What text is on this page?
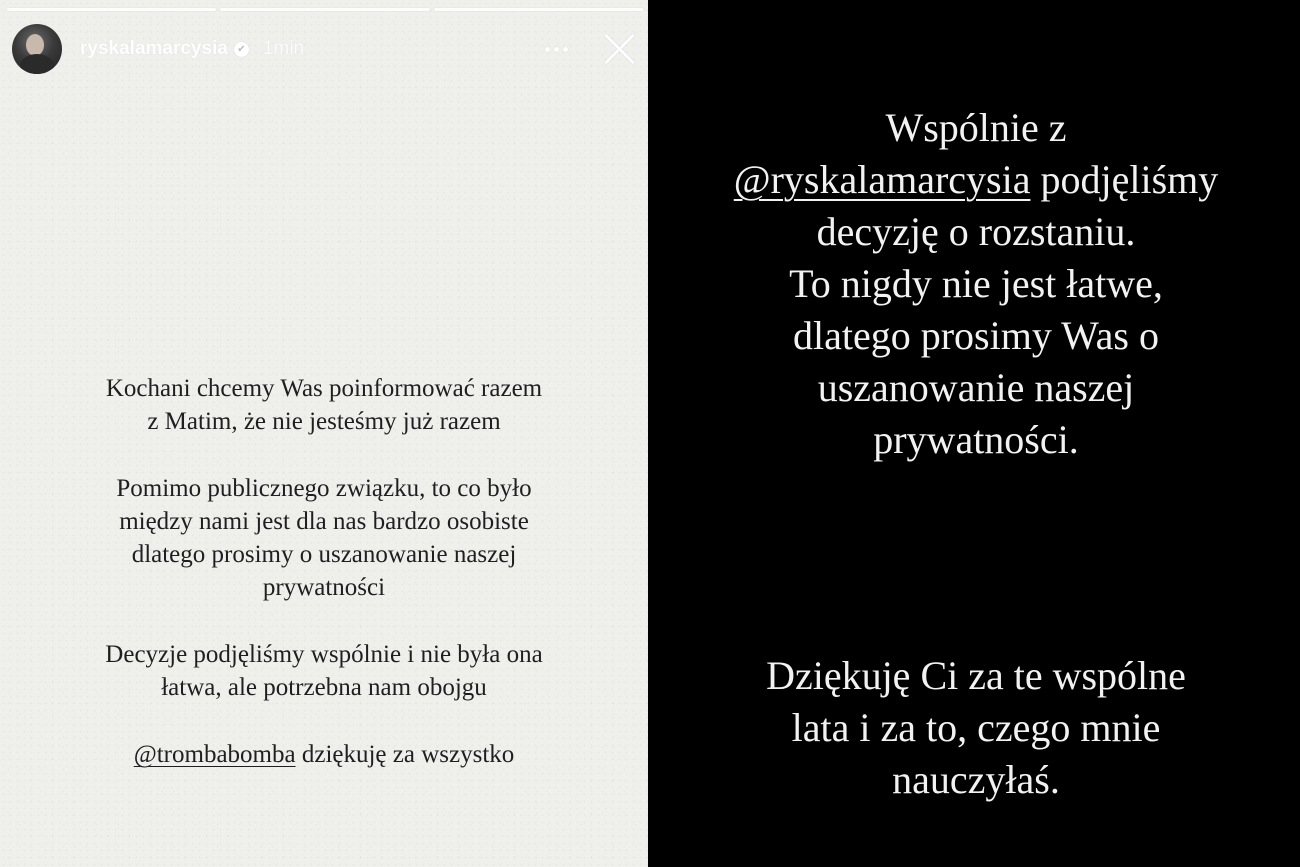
ryskalamarcysia ✔ 1min

Kochani chcemy Was poinformować razem
z Matim, że nie jesteśmy już razem

Pomimo publicznego związku, to co było
między nami jest dla nas bardzo osobiste
dlatego prosimy o uszanowanie naszej
prywatności

Decyzje podjęliśmy wspólnie i nie była ona
łatwa, ale potrzebna nam obojgu

@trombabomba dziękuję za wszystko

Wspólnie z
@ryskalamarcysia podjęliśmy
decyzję o rozstaniu.
To nigdy nie jest łatwe,
dlatego prosimy Was o
uszanowanie naszej
prywatności.
Dziękuję Ci za te wspólne
lata i za to, czego mnie
nauczyłaś.
